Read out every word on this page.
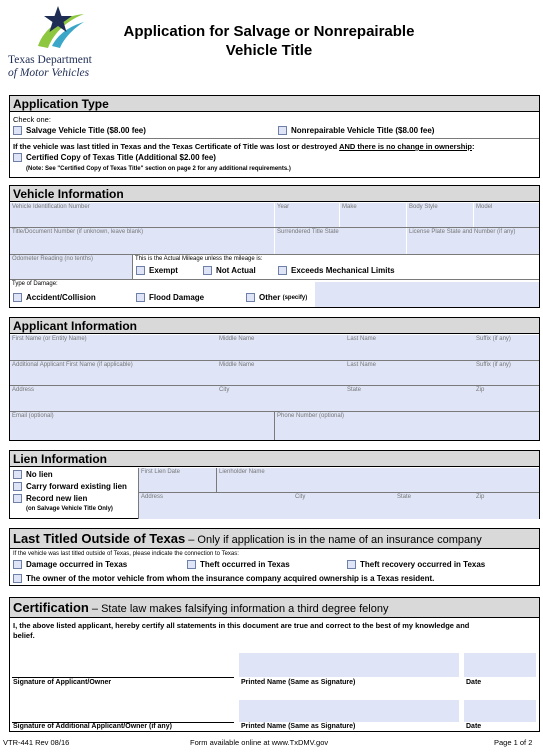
Texas Department
of Motor Vehicles
Application for Salvage or Nonrepairable
Vehicle Title
Application Type
Check one:
Salvage Vehicle Title ($8.00 fee)	Nonrepairable Vehicle Title ($8.00 fee)
If the vehicle was last titled in Texas and the Texas Certificate of Title was lost or destroyed AND there is no change in ownership:
Certified Copy of Texas Title (Additional $2.00 fee)
(Note: See "Certified Copy of Texas Title" section on page 2 for any additional requirements.)
Vehicle Information
Vehicle Identification Number	Year	Make	Body Style	Model
Title/Document Number (if unknown, leave blank)	Surrendered Title State	License Plate State and Number (if any)
Odometer Reading (no tenths)	This is the Actual Mileage unless the mileage is:
Exempt	Not Actual	Exceeds Mechanical Limits
Type of Damage:
Accident/Collision	Flood Damage	Other
(specify)
Applicant Information
First Name (or Entity Name)	Middle Name	Last Name	Suffix (if any)
Additional Applicant First Name (if applicable)	Middle Name	Last Name	Suffix (if any)
Address	City	State	Zip
Email (optional)	Phone Number (optional)
Lien Information
No lien
Carry forward existing lien
Record new lien
(on Salvage Vehicle Title Only)
First Lien Date	Lienholder Name
Address	City	State	Zip
Last Titled Outside of Texas – Only if application is in the name of an insurance company
If the vehicle was last titled outside of Texas, please indicate the connection to Texas:
Damage occurred in Texas	Theft occurred in Texas	Theft recovery occurred in Texas
The owner of the motor vehicle from whom the insurance company acquired ownership is a Texas resident.
Certification – State law makes falsifying information a third degree felony
I, the above listed applicant, hereby certify all statements in this document are true and correct to the best of my knowledge and
belief.
Signature of Applicant/Owner	Printed Name (Same as Signature)	Date
Signature of Additional Applicant/Owner (if any)	Printed Name (Same as Signature)	Date
VTR-441 Rev 08/16	Form available online at www.TxDMV.gov	Page 1 of 2
